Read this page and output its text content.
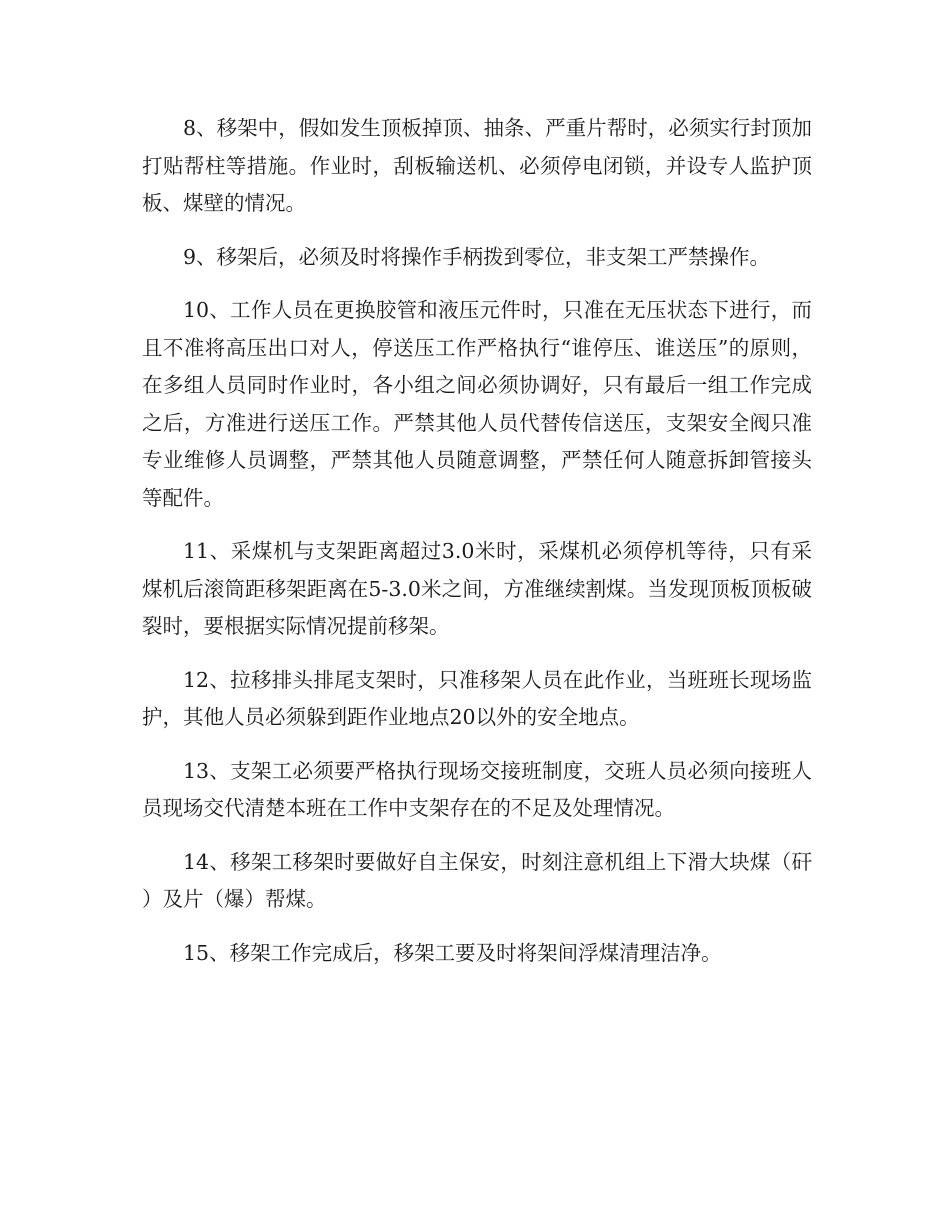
8、移架中，假如发生顶板掉顶、抽条、严重片帮时，必须实行封顶加打贴帮柱等措施。作业时，刮板输送机、必须停电闭锁，并设专人监护顶板、煤壁的情况。

9、移架后，必须及时将操作手柄拨到零位，非支架工严禁操作。

10、工作人员在更换胶管和液压元件时，只准在无压状态下进行，而且不准将高压出口对人，停送压工作严格执行“谁停压、谁送压”的原则，在多组人员同时作业时，各小组之间必须协调好，只有最后一组工作完成之后，方准进行送压工作。严禁其他人员代替传信送压，支架安全阀只准专业维修人员调整，严禁其他人员随意调整，严禁任何人随意拆卸管接头等配件。

11、采煤机与支架距离超过3.0米时，采煤机必须停机等待，只有采煤机后滚筒距移架距离在5-3.0米之间，方准继续割煤。当发现顶板顶板破裂时，要根据实际情况提前移架。

12、拉移排头排尾支架时，只准移架人员在此作业，当班班长现场监护，其他人员必须躲到距作业地点20以外的安全地点。

13、支架工必须要严格执行现场交接班制度，交班人员必须向接班人员现场交代清楚本班在工作中支架存在的不足及处理情况。

14、移架工移架时要做好自主保安，时刻注意机组上下滑大块煤（矸）及片（爆）帮煤。

15、移架工作完成后，移架工要及时将架间浮煤清理洁净。
